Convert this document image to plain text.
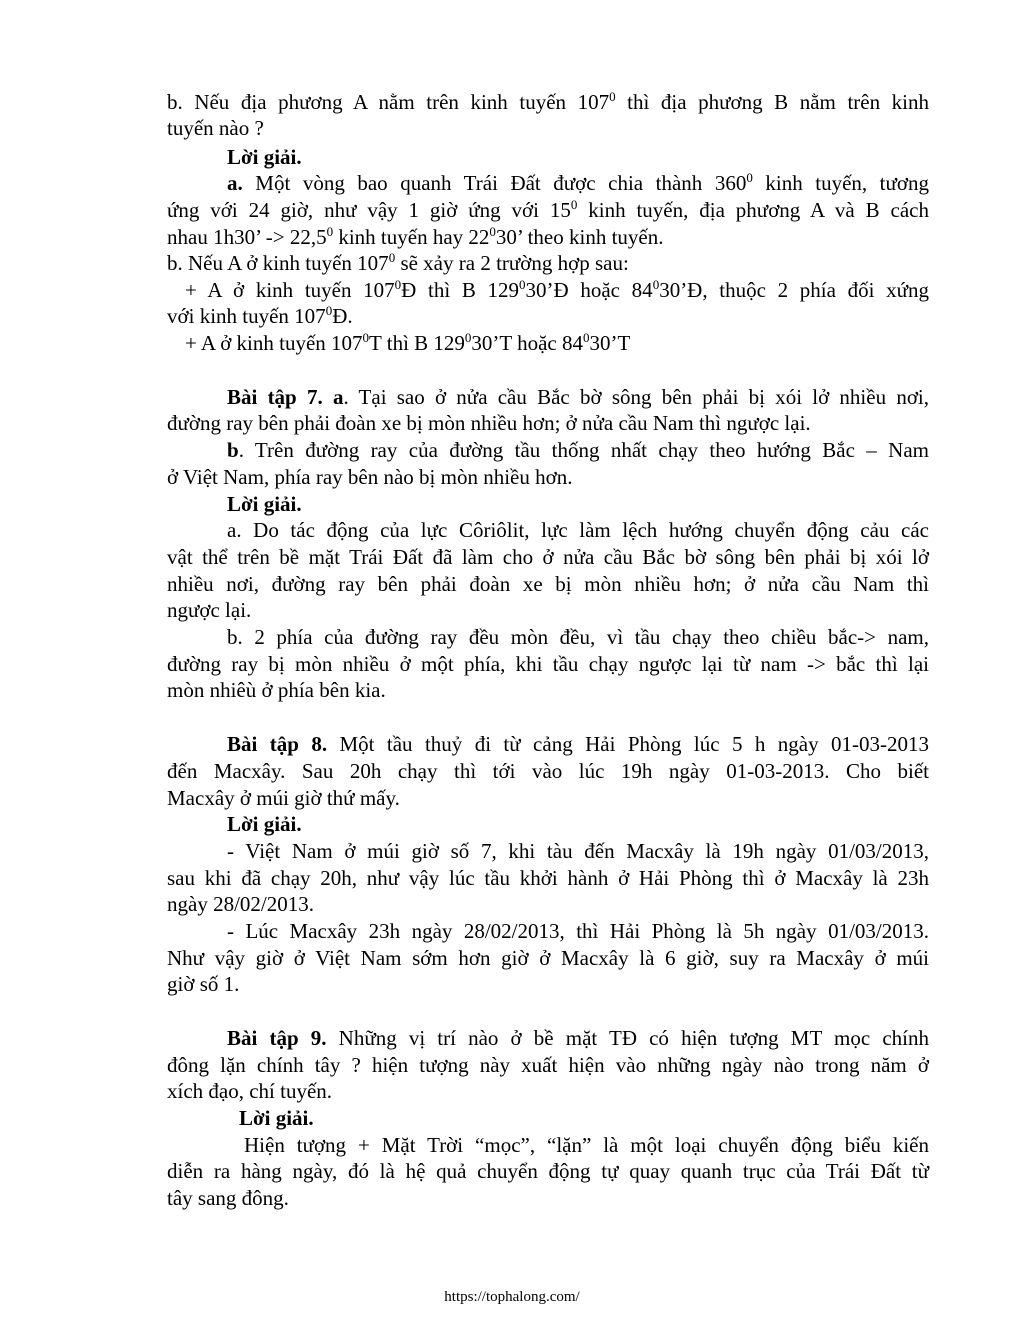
b. Nếu địa phương A nằm trên kinh tuyến $107^0$ thì địa phương B nằm trên kinh
tuyến nào ?
Lời giải.
a. Một vòng bao quanh Trái Đất được chia thành $360^0$ kinh tuyến, tương
ứng với 24 giờ, như vậy 1 giờ ứng với $15^0$ kinh tuyến, địa phương A và B cách
nhau 1h30’ -> $22,5^0$ kinh tuyến hay $22^030$’ theo kinh tuyến.
b. Nếu A ở kinh tuyến $107^0$ sẽ xảy ra 2 trường hợp sau:
+ A ở kinh tuyến $107^0Đ$ thì B $129^030’Đ$ hoặc $84^030’Đ$, thuộc 2 phía đối xứng
với kinh tuyến $107^0Đ$.
+ A ở kinh tuyến $107^0T$ thì B $129^030’T$ hoặc $84^030’T$
Bài tập 7. a. Tại sao ở nửa cầu Bắc bờ sông bên phải bị xói lở nhiều nơi,
đường ray bên phải đoàn xe bị mòn nhiều hơn; ở nửa cầu Nam thì ngược lại.
b. Trên đường ray của đường tầu thống nhất chạy theo hướng Bắc – Nam
ở Việt Nam, phía ray bên nào bị mòn nhiều hơn.
Lời giải.
a. Do tác động của lực Côriôlit, lực làm lệch hướng chuyển động cảu các
vật thể trên bề mặt Trái Đất đã làm cho ở nửa cầu Bắc bờ sông bên phải bị xói lở
nhiều nơi, đường ray bên phải đoàn xe bị mòn nhiều hơn; ở nửa cầu Nam thì
ngược lại.
b. 2 phía của đường ray đều mòn đều, vì tầu chạy theo chiều bắc-> nam,
đường ray bị mòn nhiều ở một phía, khi tầu chạy ngược lại từ nam -> bắc thì lại
mòn nhiêù ở phía bên kia.
Bài tập 8. Một tầu thuỷ đi từ cảng Hải Phòng lúc 5 h ngày 01-03-2013
đến Macxây. Sau 20h chạy thì tới vào lúc 19h ngày 01-03-2013. Cho biết
Macxây ở múi giờ thứ mấy.
Lời giải.
- Việt Nam ở múi giờ số 7, khi tàu đến Macxây là 19h ngày 01/03/2013,
sau khi đã chạy 20h, như vậy lúc tầu khởi hành ở Hải Phòng thì ở Macxây là 23h
ngày 28/02/2013.
- Lúc Macxây 23h ngày 28/02/2013, thì Hải Phòng là 5h ngày 01/03/2013.
Như vậy giờ ở Việt Nam sớm hơn giờ ở Macxây là 6 giờ, suy ra Macxây ở múi
giờ số 1.
Bài tập 9. Những vị trí nào ở bề mặt TĐ có hiện tượng MT mọc chính
đông lặn chính tây ? hiện tượng này xuất hiện vào những ngày nào trong năm ở
xích đạo, chí tuyến.
Lời giải.
Hiện tượng + Mặt Trời “mọc”, “lặn” là một loại chuyển động biểu kiến
diễn ra hàng ngày, đó là hệ quả chuyển động tự quay quanh trục của Trái Đất từ
tây sang đông.
https://tophalong.com/
